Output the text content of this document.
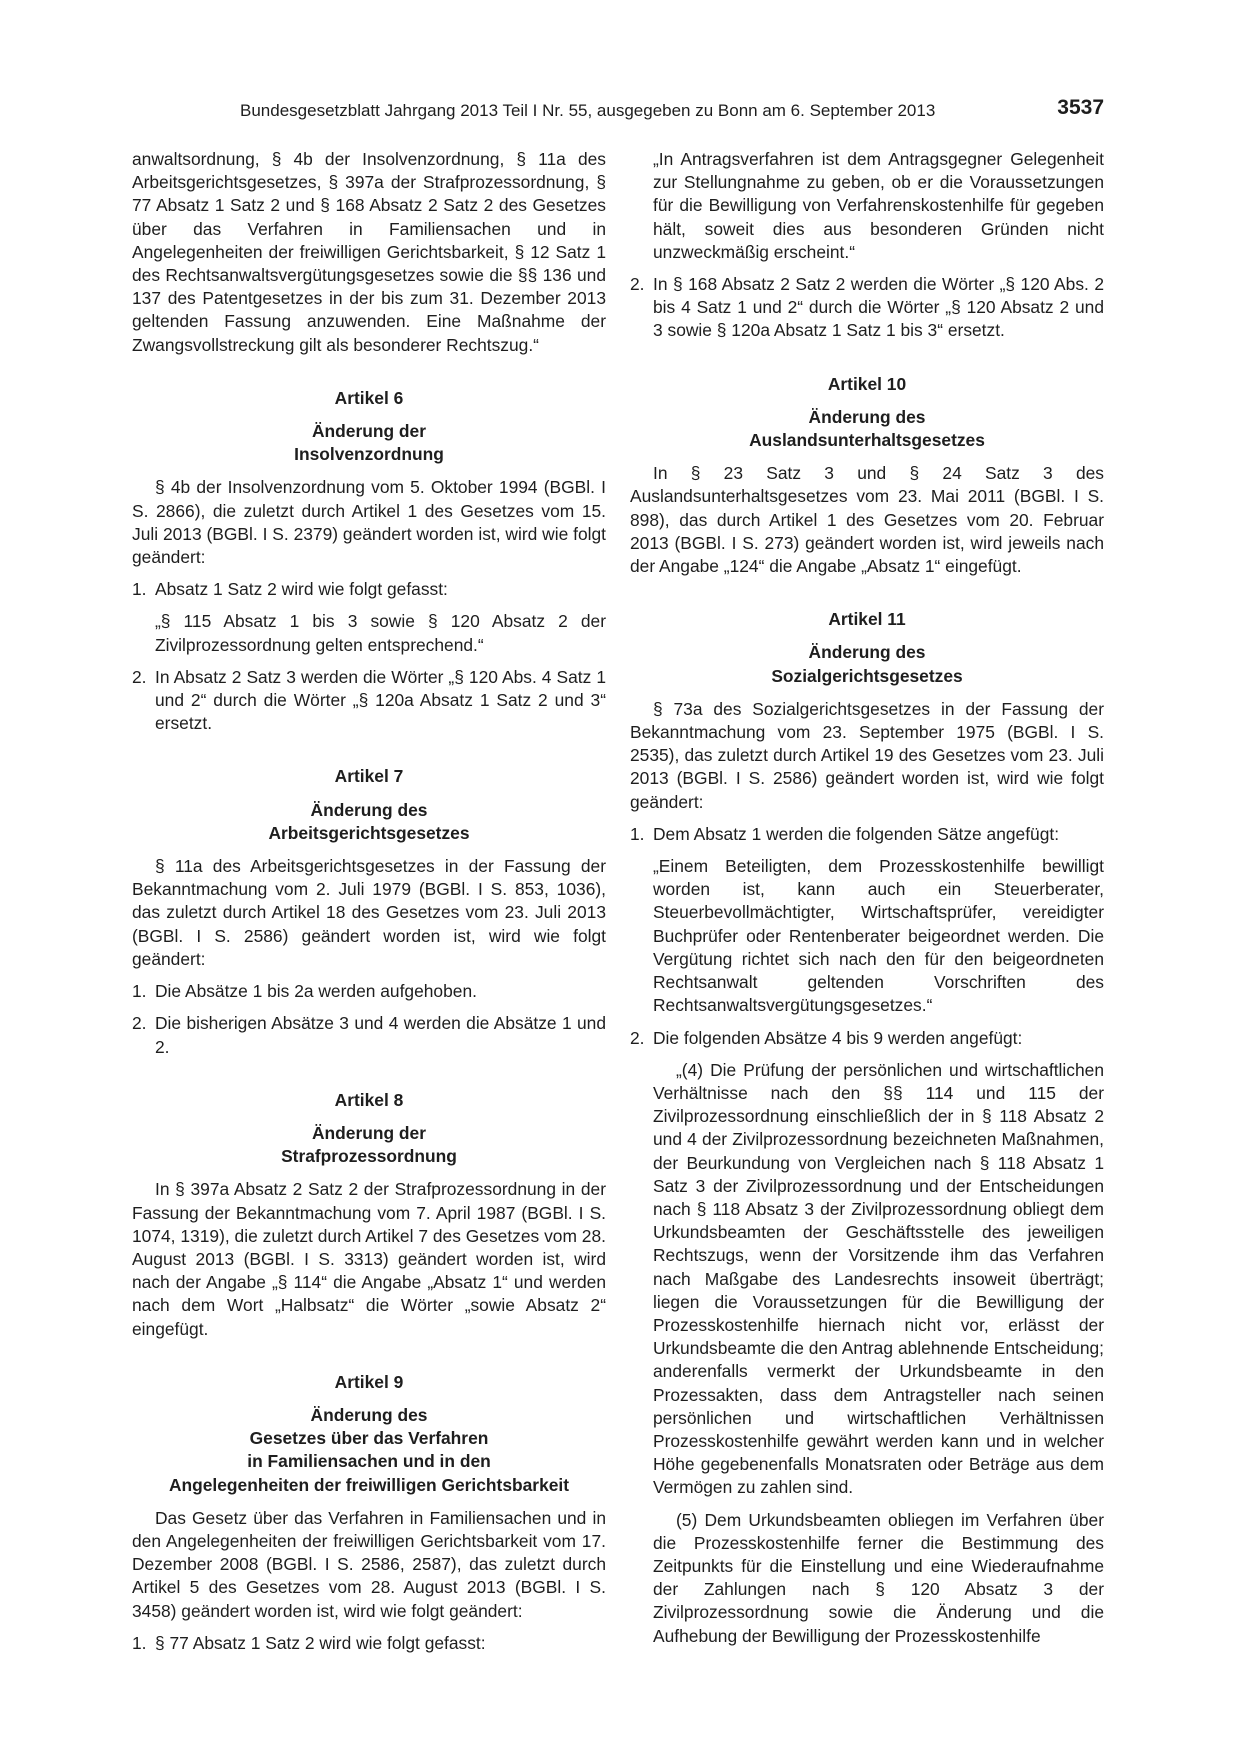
Bundesgesetzblatt Jahrgang 2013 Teil I Nr. 55, ausgegeben zu Bonn am 6. September 2013	3537

anwaltsordnung, § 4b der Insolvenzordnung, § 11a des Arbeitsgerichtsgesetzes, § 397a der Strafprozessordnung, § 77 Absatz 1 Satz 2 und § 168 Absatz 2 Satz 2 des Gesetzes über das Verfahren in Familiensachen und in Angelegenheiten der freiwilligen Gerichtsbarkeit, § 12 Satz 1 des Rechtsanwaltsvergütungsgesetzes sowie die §§ 136 und 137 des Patentgesetzes in der bis zum 31. Dezember 2013 geltenden Fassung anzuwenden. Eine Maßnahme der Zwangsvollstreckung gilt als besonderer Rechtszug.“

Artikel 6

Änderung der
Insolvenzordnung

§ 4b der Insolvenzordnung vom 5. Oktober 1994 (BGBl. I S. 2866), die zuletzt durch Artikel 1 des Gesetzes vom 15. Juli 2013 (BGBl. I S. 2379) geändert worden ist, wird wie folgt geändert:

1. Absatz 1 Satz 2 wird wie folgt gefasst:

„§ 115 Absatz 1 bis 3 sowie § 120 Absatz 2 der Zivilprozessordnung gelten entsprechend.“

2. In Absatz 2 Satz 3 werden die Wörter „§ 120 Abs. 4 Satz 1 und 2“ durch die Wörter „§ 120a Absatz 1 Satz 2 und 3“ ersetzt.

Artikel 7

Änderung des
Arbeitsgerichtsgesetzes

§ 11a des Arbeitsgerichtsgesetzes in der Fassung der Bekanntmachung vom 2. Juli 1979 (BGBl. I S. 853, 1036), das zuletzt durch Artikel 18 des Gesetzes vom 23. Juli 2013 (BGBl. I S. 2586) geändert worden ist, wird wie folgt geändert:

1. Die Absätze 1 bis 2a werden aufgehoben.
2. Die bisherigen Absätze 3 und 4 werden die Absätze 1 und 2.

Artikel 8

Änderung der
Strafprozessordnung

In § 397a Absatz 2 Satz 2 der Strafprozessordnung in der Fassung der Bekanntmachung vom 7. April 1987 (BGBl. I S. 1074, 1319), die zuletzt durch Artikel 7 des Gesetzes vom 28. August 2013 (BGBl. I S. 3313) geändert worden ist, wird nach der Angabe „§ 114“ die Angabe „Absatz 1“ und werden nach dem Wort „Halbsatz“ die Wörter „sowie Absatz 2“ eingefügt.

Artikel 9

Änderung des
Gesetzes über das Verfahren
in Familiensachen und in den
Angelegenheiten der freiwilligen Gerichtsbarkeit

Das Gesetz über das Verfahren in Familiensachen und in den Angelegenheiten der freiwilligen Gerichtsbarkeit vom 17. Dezember 2008 (BGBl. I S. 2586, 2587), das zuletzt durch Artikel 5 des Gesetzes vom 28. August 2013 (BGBl. I S. 3458) geändert worden ist, wird wie folgt geändert:

1. § 77 Absatz 1 Satz 2 wird wie folgt gefasst:

„In Antragsverfahren ist dem Antragsgegner Gelegenheit zur Stellungnahme zu geben, ob er die Voraussetzungen für die Bewilligung von Verfahrenskostenhilfe für gegeben hält, soweit dies aus besonderen Gründen nicht unzweckmäßig erscheint.“

2. In § 168 Absatz 2 Satz 2 werden die Wörter „§ 120 Abs. 2 bis 4 Satz 1 und 2“ durch die Wörter „§ 120 Absatz 2 und 3 sowie § 120a Absatz 1 Satz 1 bis 3“ ersetzt.

Artikel 10

Änderung des
Auslandsunterhaltsgesetzes

In § 23 Satz 3 und § 24 Satz 3 des Auslandsunterhaltsgesetzes vom 23. Mai 2011 (BGBl. I S. 898), das durch Artikel 1 des Gesetzes vom 20. Februar 2013 (BGBl. I S. 273) geändert worden ist, wird jeweils nach der Angabe „124“ die Angabe „Absatz 1“ eingefügt.

Artikel 11

Änderung des
Sozialgerichtsgesetzes

§ 73a des Sozialgerichtsgesetzes in der Fassung der Bekanntmachung vom 23. September 1975 (BGBl. I S. 2535), das zuletzt durch Artikel 19 des Gesetzes vom 23. Juli 2013 (BGBl. I S. 2586) geändert worden ist, wird wie folgt geändert:

1. Dem Absatz 1 werden die folgenden Sätze angefügt:

„Einem Beteiligten, dem Prozesskostenhilfe bewilligt worden ist, kann auch ein Steuerberater, Steuerbevollmächtigter, Wirtschaftsprüfer, vereidigter Buchprüfer oder Rentenberater beigeordnet werden. Die Vergütung richtet sich nach den für den beigeordneten Rechtsanwalt geltenden Vorschriften des Rechtsanwaltsvergütungsgesetzes.“

2. Die folgenden Absätze 4 bis 9 werden angefügt:

„(4) Die Prüfung der persönlichen und wirtschaftlichen Verhältnisse nach den §§ 114 und 115 der Zivilprozessordnung einschließlich der in § 118 Absatz 2 und 4 der Zivilprozessordnung bezeichneten Maßnahmen, der Beurkundung von Vergleichen nach § 118 Absatz 1 Satz 3 der Zivilprozessordnung und der Entscheidungen nach § 118 Absatz 3 der Zivilprozessordnung obliegt dem Urkundsbeamten der Geschäftsstelle des jeweiligen Rechtszugs, wenn der Vorsitzende ihm das Verfahren nach Maßgabe des Landesrechts insoweit überträgt; liegen die Voraussetzungen für die Bewilligung der Prozesskostenhilfe hiernach nicht vor, erlässt der Urkundsbeamte die den Antrag ablehnende Entscheidung; anderenfalls vermerkt der Urkundsbeamte in den Prozessakten, dass dem Antragsteller nach seinen persönlichen und wirtschaftlichen Verhältnissen Prozesskostenhilfe gewährt werden kann und in welcher Höhe gegebenenfalls Monatsraten oder Beträge aus dem Vermögen zu zahlen sind.

(5) Dem Urkundsbeamten obliegen im Verfahren über die Prozesskostenhilfe ferner die Bestimmung des Zeitpunkts für die Einstellung und eine Wiederaufnahme der Zahlungen nach § 120 Absatz 3 der Zivilprozessordnung sowie die Änderung und die Aufhebung der Bewilligung der Prozesskostenhilfe
